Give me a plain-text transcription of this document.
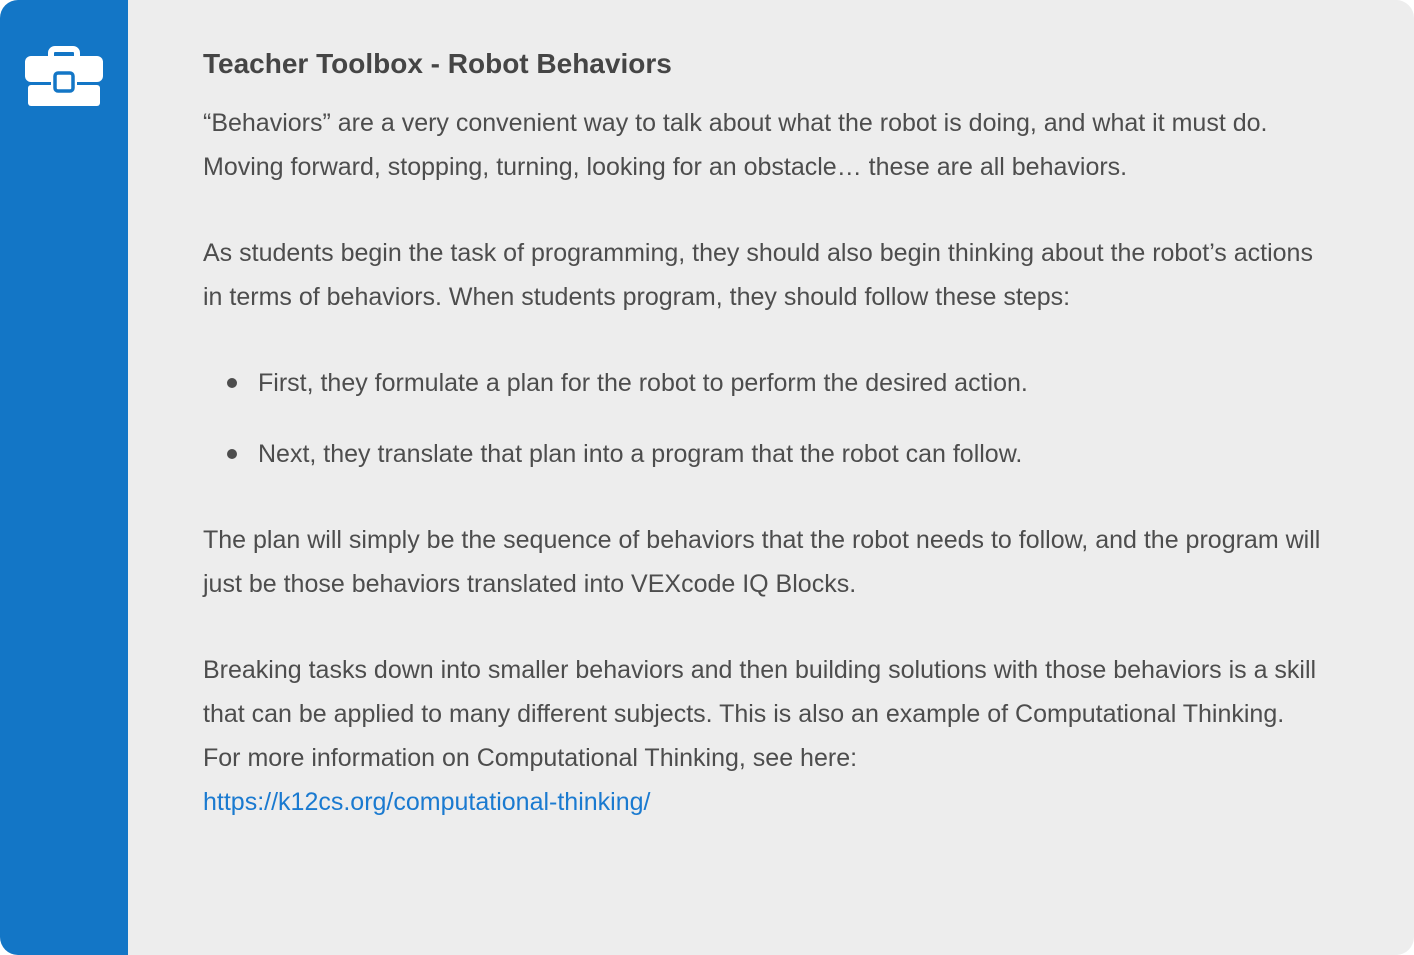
Teacher Toolbox - Robot Behaviors

“Behaviors” are a very convenient way to talk about what the robot is doing, and what it must do. Moving forward, stopping, turning, looking for an obstacle… these are all behaviors.

As students begin the task of programming, they should also begin thinking about the robot’s actions in terms of behaviors. When students program, they should follow these steps:

First, they formulate a plan for the robot to perform the desired action.
Next, they translate that plan into a program that the robot can follow.

The plan will simply be the sequence of behaviors that the robot needs to follow, and the program will just be those behaviors translated into VEXcode IQ Blocks.

Breaking tasks down into smaller behaviors and then building solutions with those behaviors is a skill that can be applied to many different subjects. This is also an example of Computational Thinking. For more information on Computational Thinking, see here:

https://k12cs.org/computational-thinking/
